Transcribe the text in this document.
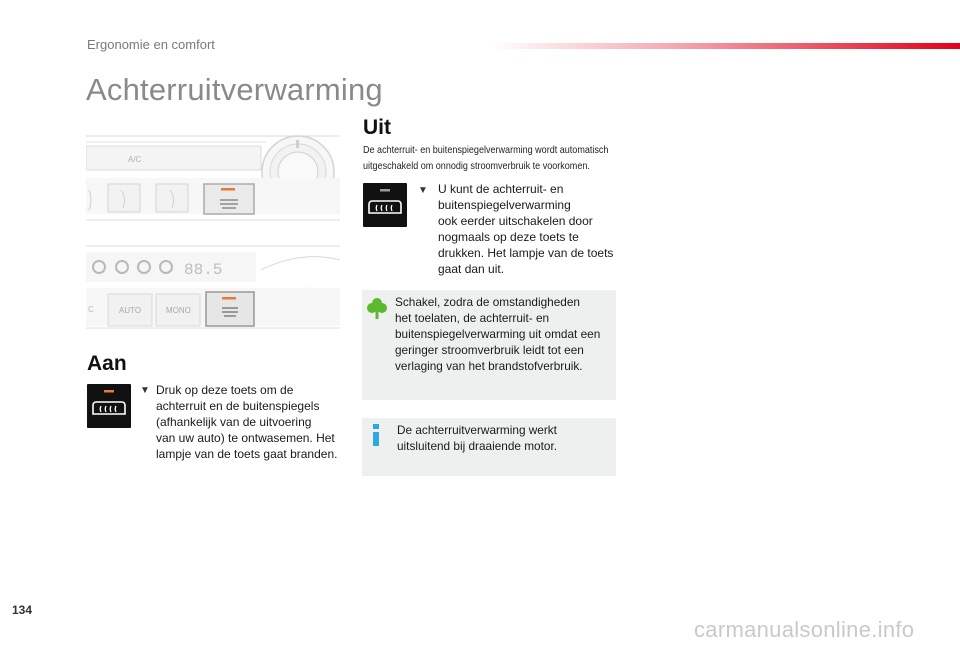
Ergonomie en comfort
Achterruitverwarming
A/C
88.5
C	AUTO	MONO
Aan
▼ Druk op deze toets om de
achterruit en de buitenspiegels
(afhankelijk van de uitvoering
van uw auto) te ontwasemen. Het
lampje van de toets gaat branden.
Uit
De achterruit- en buitenspiegelverwarming wordt automatisch
uitgeschakeld om onnodig stroomverbruik te voorkomen.
▼ U kunt de achterruit- en
buitenspiegelverwarming
ook eerder uitschakelen door
nogmaals op deze toets te
drukken. Het lampje van de toets
gaat dan uit.
Schakel, zodra de omstandigheden
het toelaten, de achterruit- en
buitenspiegelverwarming uit omdat een
geringer stroomverbruik leidt tot een
verlaging van het brandstofverbruik.
De achterruitverwarming werkt
uitsluitend bij draaiende motor.
134
carmanualsonline.info
